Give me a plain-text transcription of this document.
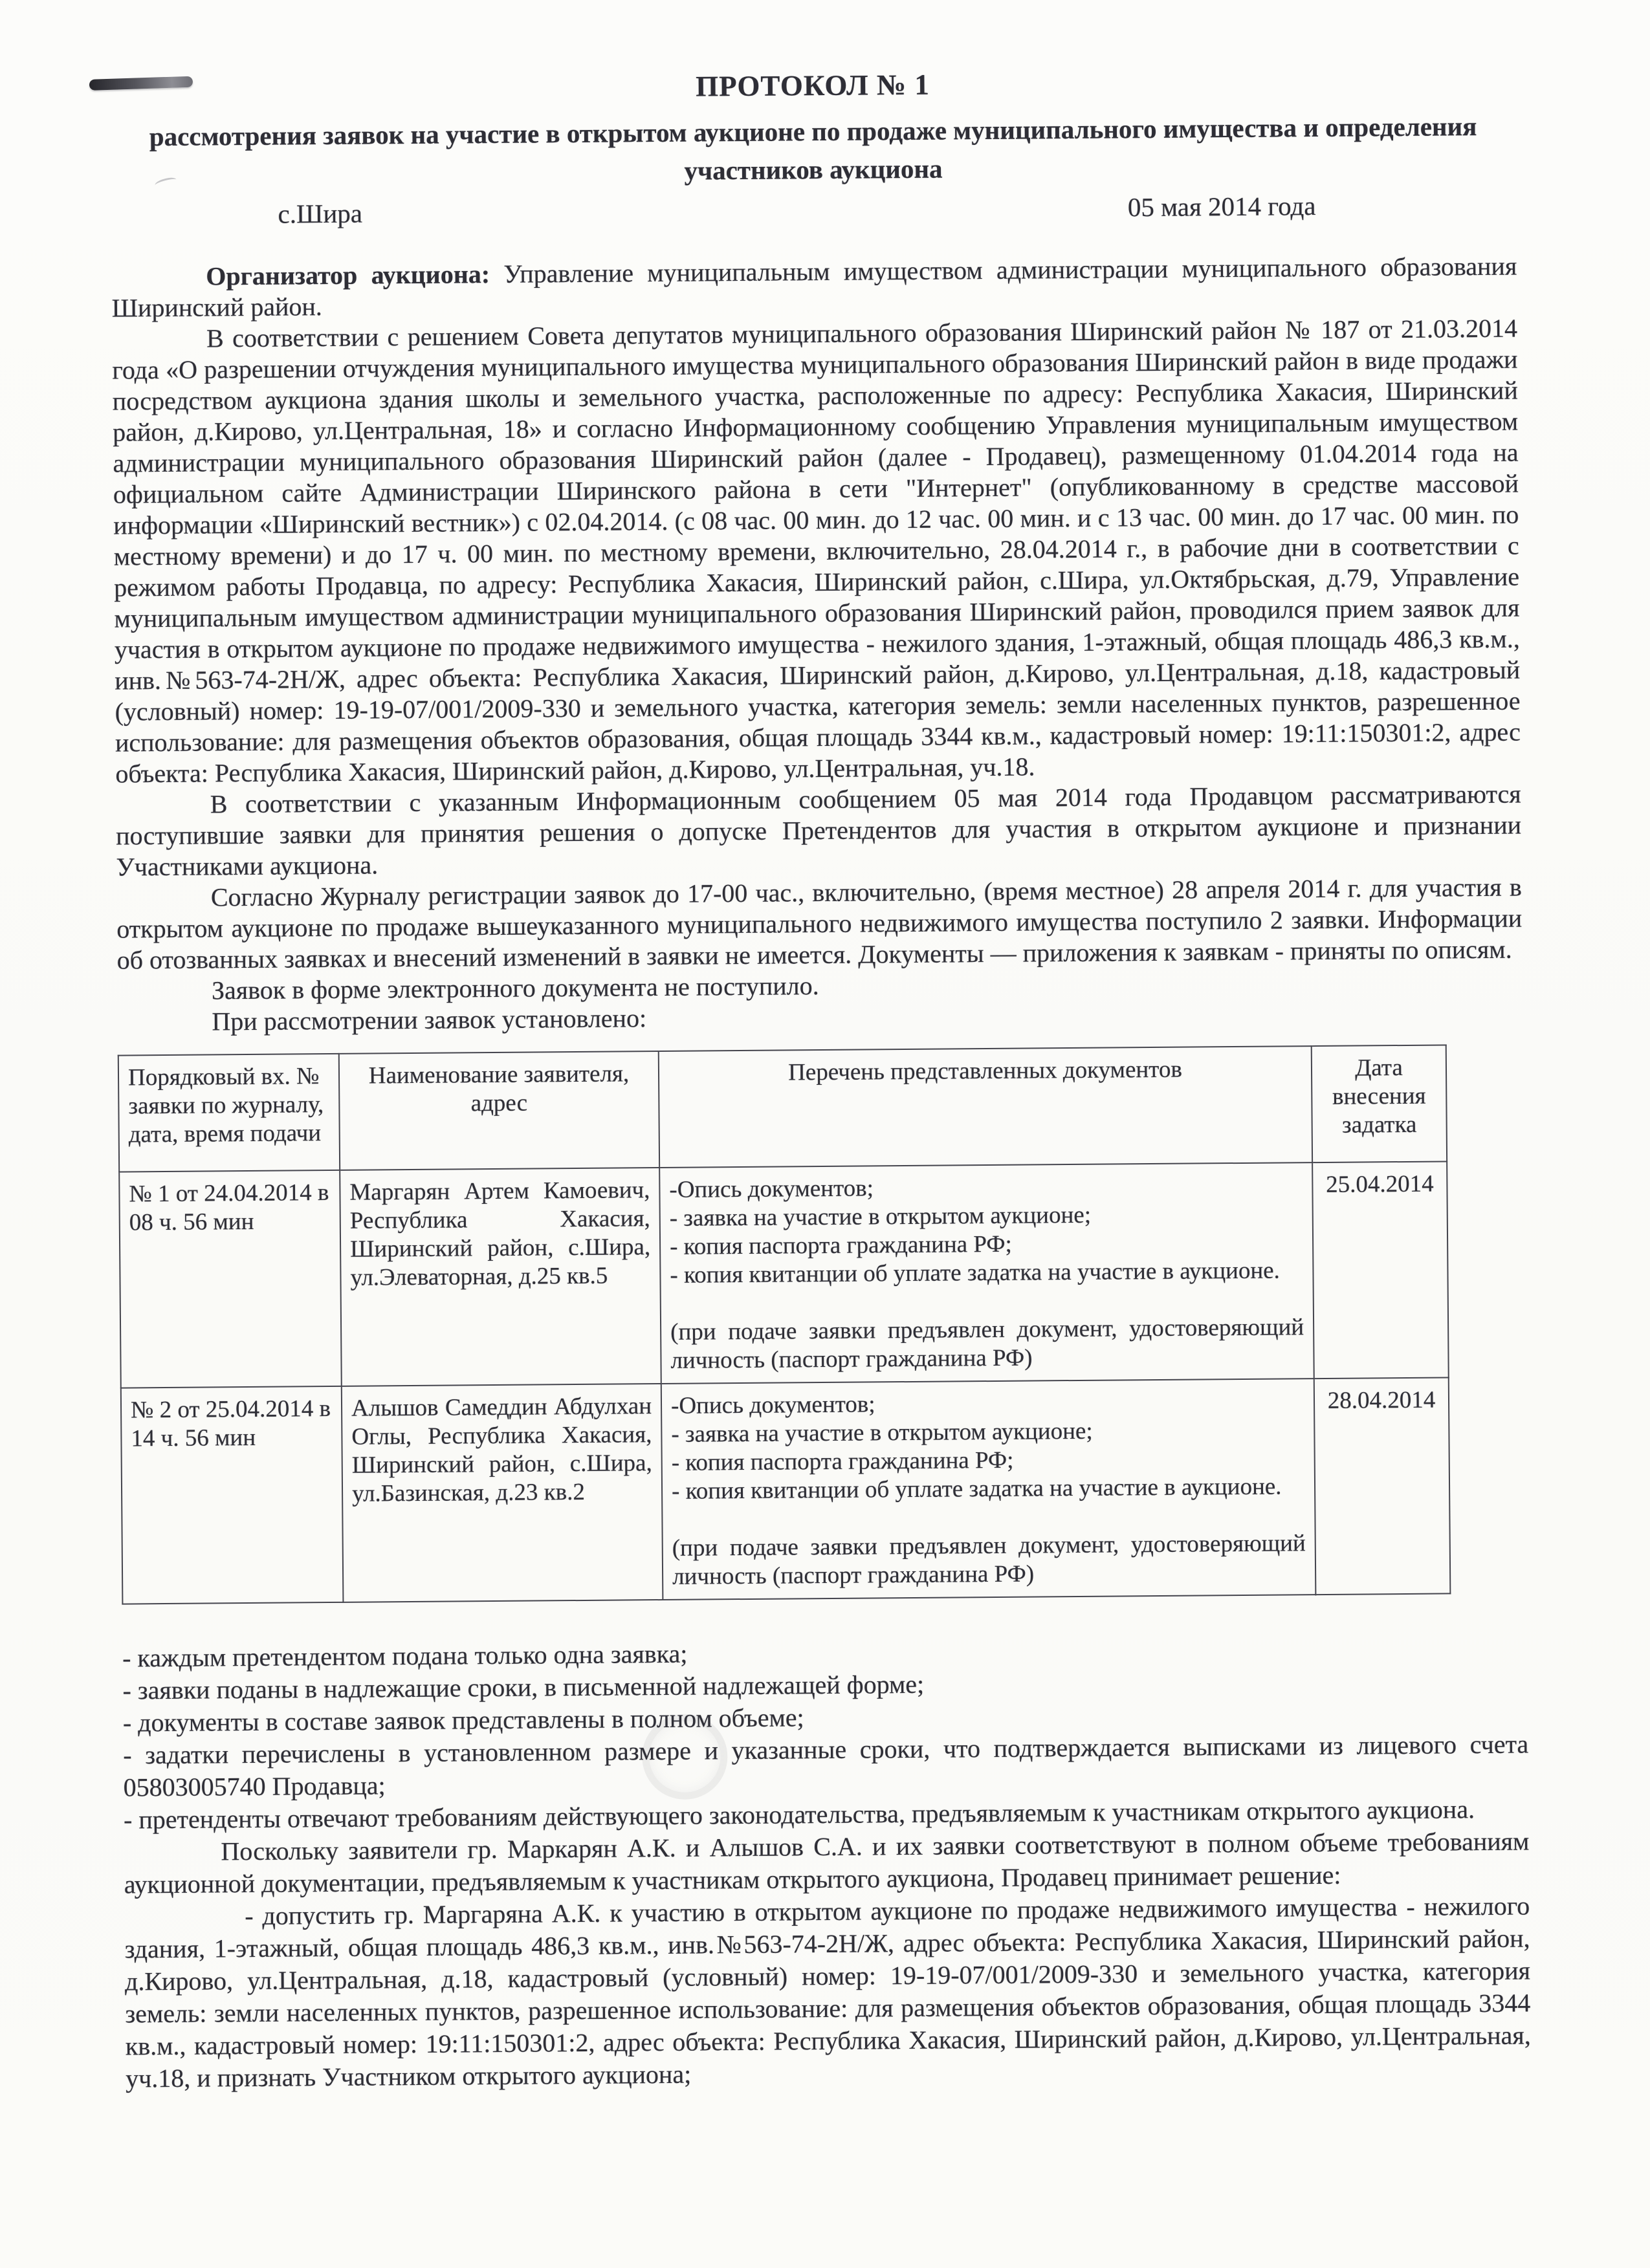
ПРОТОКОЛ № 1
рассмотрения заявок на участие в открытом аукционе по продаже муниципального имущества и определения
участников аукциона
с.Шира	05 мая 2014 года

Организатор аукциона: Управление муниципальным имуществом администрации муниципального образования Ширинский район.

В соответствии с решением Совета депутатов муниципального образования Ширинский район № 187 от 21.03.2014 года «О разрешении отчуждения муниципального имущества муниципального образования Ширинский район в виде продажи посредством аукциона здания школы и земельного участка, расположенные по адресу: Республика Хакасия, Ширинский район, д.Кирово, ул.Центральная, 18» и согласно Информационному сообщению Управления муниципальным имуществом администрации муниципального образования Ширинский район (далее - Продавец), размещенному 01.04.2014 года на официальном сайте Администрации Ширинского района в сети "Интернет" (опубликованному в средстве массовой информации «Ширинский вестник») с 02.04.2014. (с 08 час. 00 мин. до 12 час. 00 мин. и с 13 час. 00 мин. до 17 час. 00 мин. по местному времени) и до 17 ч. 00 мин. по местному времени, включительно, 28.04.2014 г., в рабочие дни в соответствии с режимом работы Продавца, по адресу: Республика Хакасия, Ширинский район, с.Шира, ул.Октябрьская, д.79, Управление муниципальным имуществом администрации муниципального образования Ширинский район, проводился прием заявок для участия в открытом аукционе по продаже недвижимого имущества - нежилого здания, 1-этажный, общая площадь 486,3 кв.м., инв.№563-74-2Н/Ж, адрес объекта: Республика Хакасия, Ширинский район, д.Кирово, ул.Центральная, д.18, кадастровый (условный) номер: 19-19-07/001/2009-330 и земельного участка, категория земель: земли населенных пунктов, разрешенное использование: для размещения объектов образования, общая площадь 3344 кв.м., кадастровый номер: 19:11:150301:2, адрес объекта: Республика Хакасия, Ширинский район, д.Кирово, ул.Центральная, уч.18.

В соответствии с указанным Информационным сообщением 05 мая 2014 года Продавцом рассматриваются поступившие заявки для принятия решения о допуске Претендентов для участия в открытом аукционе и признании Участниками аукциона.

Согласно Журналу регистрации заявок до 17-00 час., включительно, (время местное) 28 апреля 2014 г. для участия в открытом аукционе по продаже вышеуказанного муниципального недвижимого имущества поступило 2 заявки. Информации об отозванных заявках и внесений изменений в заявки не имеется. Документы — приложения к заявкам - приняты по описям.

Заявок в форме электронного документа не поступило.

При рассмотрении заявок установлено:

Порядковый вх. № заявки по журналу, дата, время подачи	Наименование заявителя, адрес	Перечень представленных документов	Дата внесения задатка
№ 1 от 24.04.2014 в 08 ч. 56 мин	Маргарян Артем Камоевич, Республика Хакасия, Ширинский район, с.Шира, ул.Элеваторная, д.25 кв.5	-Опись документов;
- заявка на участие в открытом аукционе;
- копия паспорта гражданина РФ;
- копия квитанции об уплате задатка на участие в аукционе.
(при подаче заявки предъявлен документ, удостоверяющий личность (паспорт гражданина РФ)	25.04.2014
№ 2 от 25.04.2014 в 14 ч. 56 мин	Алышов Самеддин Абдулхан Оглы, Республика Хакасия, Ширинский район, с.Шира, ул.Базинская, д.23 кв.2	-Опись документов;
- заявка на участие в открытом аукционе;
- копия паспорта гражданина РФ;
- копия квитанции об уплате задатка на участие в аукционе.
(при подаче заявки предъявлен документ, удостоверяющий личность (паспорт гражданина РФ)	28.04.2014
- каждым претендентом подана только одна заявка;
- заявки поданы в надлежащие сроки, в письменной надлежащей форме;
- документы в составе заявок представлены в полном объеме;
- задатки перечислены в установленном размере и указанные сроки, что подтверждается выписками из лицевого счета 05803005740 Продавца;
- претенденты отвечают требованиям действующего законодательства, предъявляемым к участникам открытого аукциона.

Поскольку заявители гр. Маркарян А.К. и Алышов С.А. и их заявки соответствуют в полном объеме требованиям аукционной документации, предъявляемым к участникам открытого аукциона, Продавец принимает решение:

- допустить гр. Маргаряна А.К. к участию в открытом аукционе по продаже недвижимого имущества - нежилого здания, 1-этажный, общая площадь 486,3 кв.м., инв.№563-74-2Н/Ж, адрес объекта: Республика Хакасия, Ширинский район, д.Кирово, ул.Центральная, д.18, кадастровый (условный) номер: 19-19-07/001/2009-330 и земельного участка, категория земель: земли населенных пунктов, разрешенное использование: для размещения объектов образования, общая площадь 3344 кв.м., кадастровый номер: 19:11:150301:2, адрес объекта: Республика Хакасия, Ширинский район, д.Кирово, ул.Центральная, уч.18, и признать Участником открытого аукциона;
